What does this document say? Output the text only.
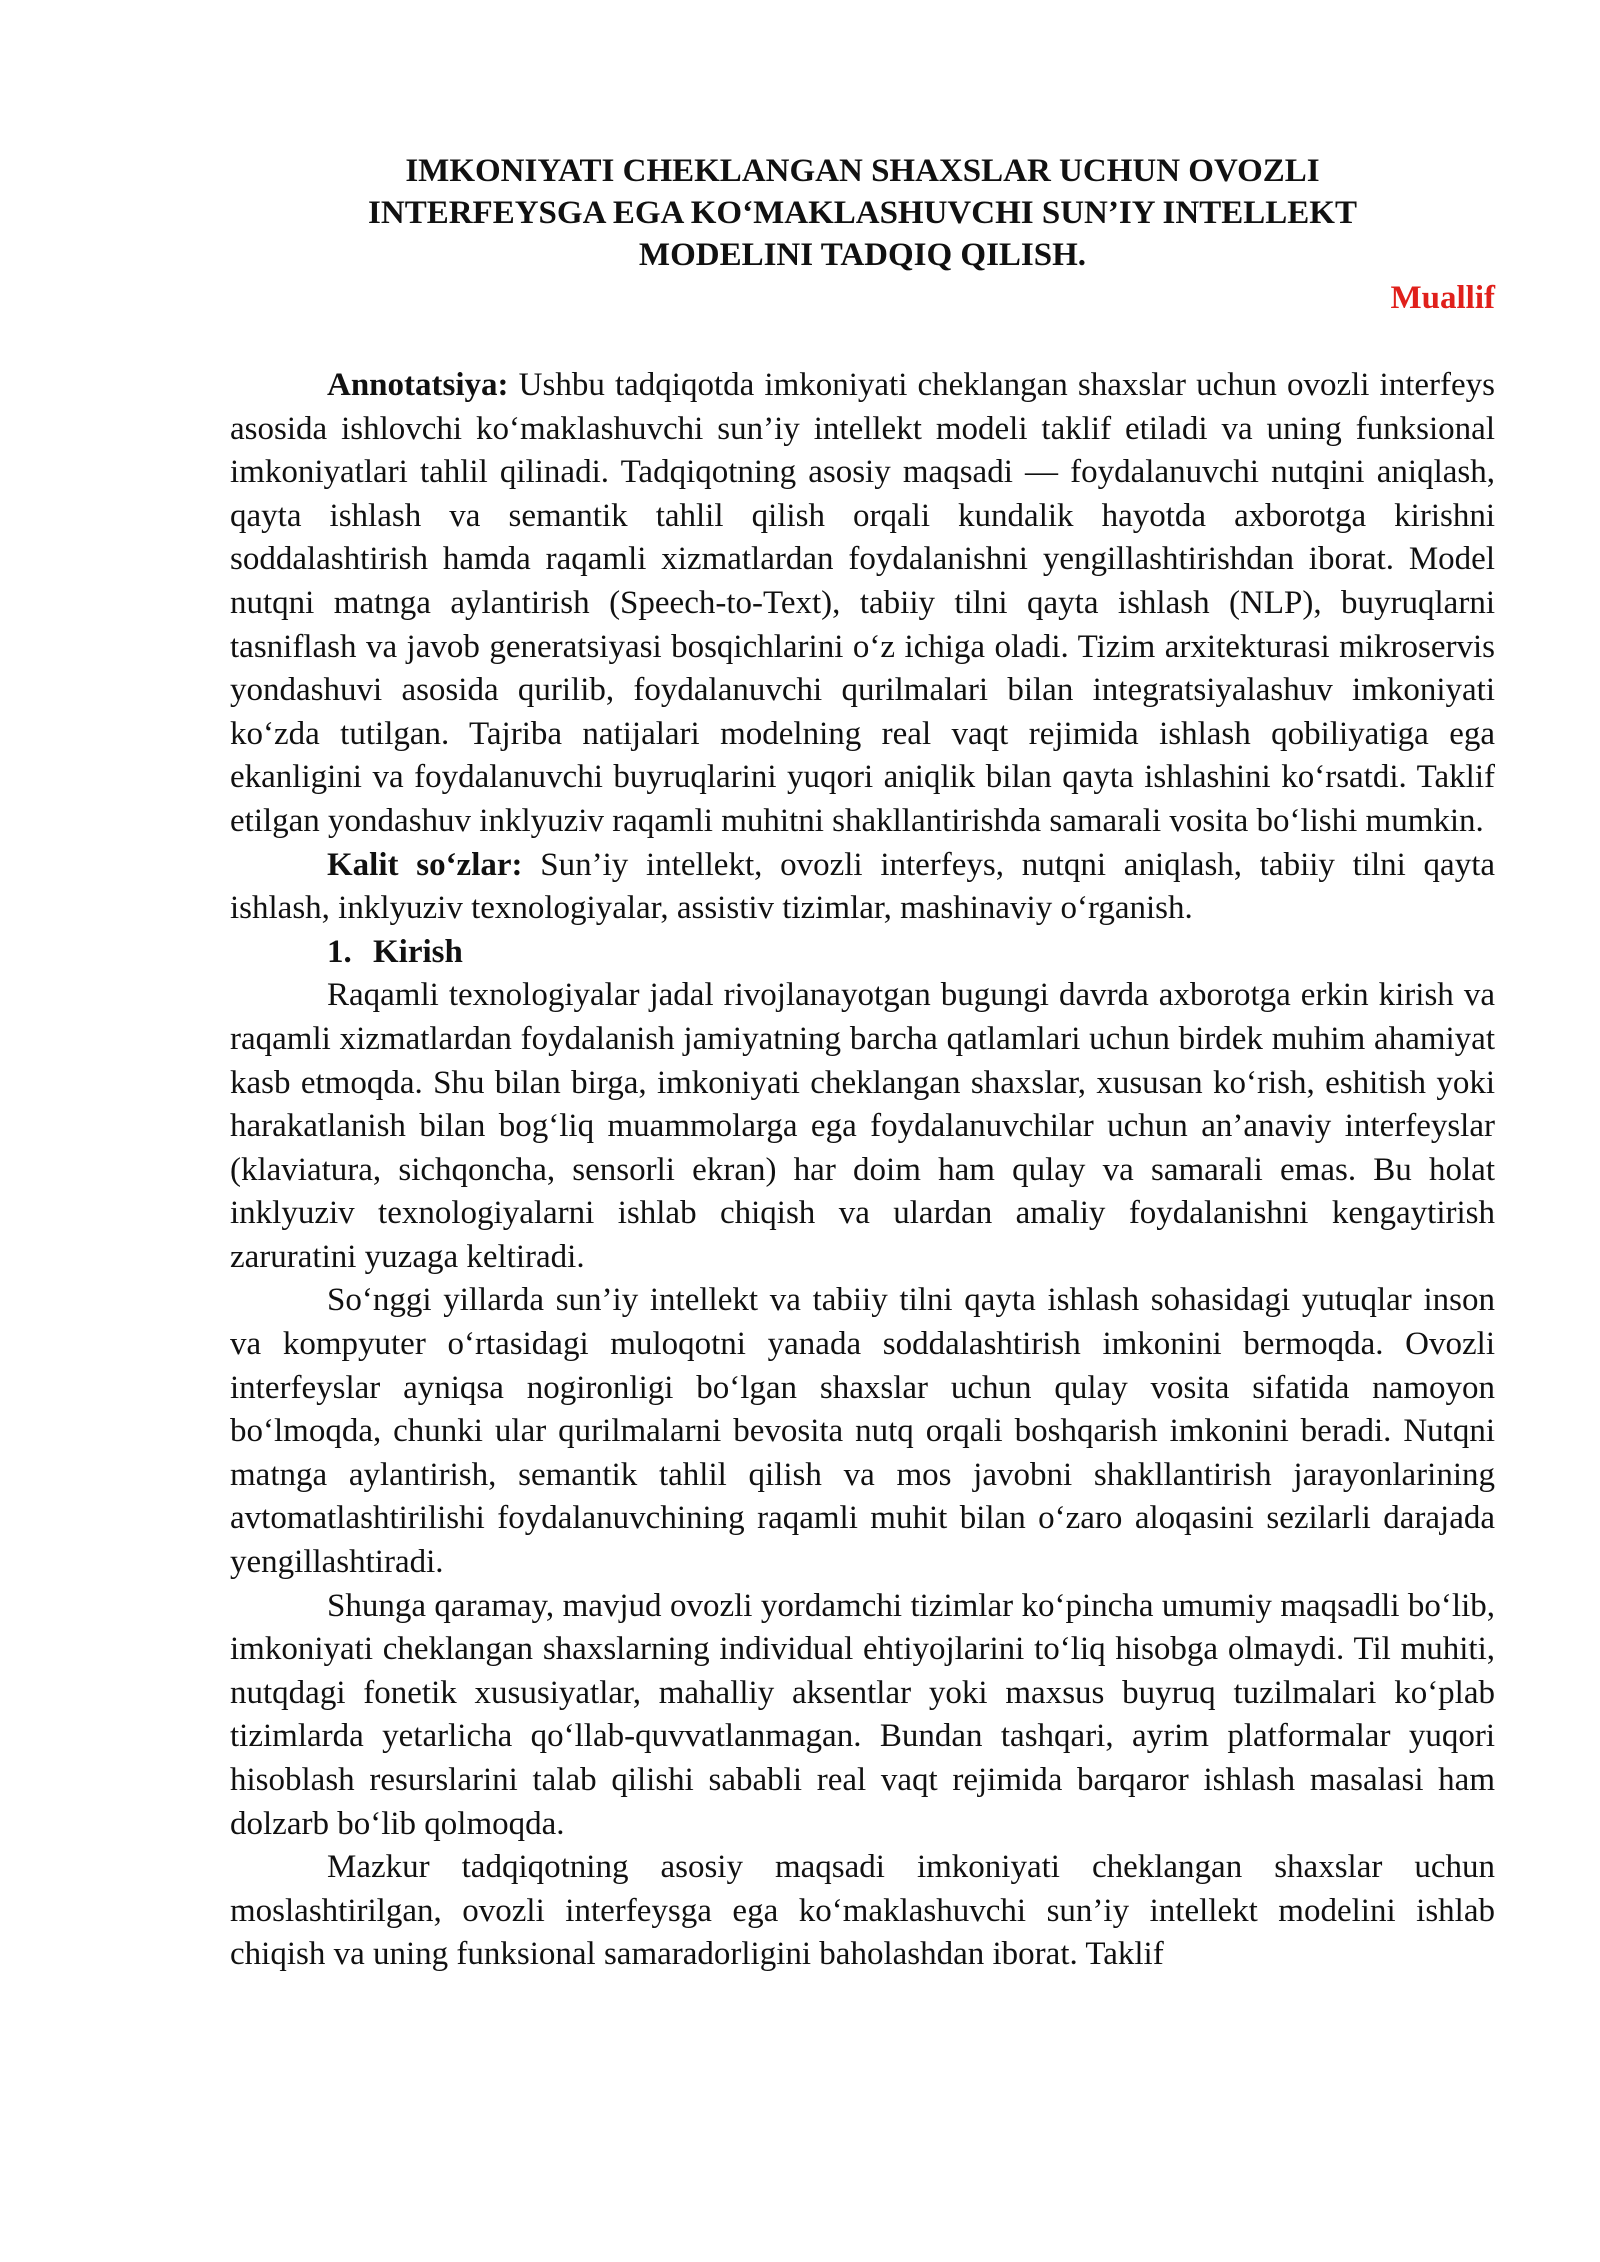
IMKONIYATI CHEKLANGAN SHAXSLAR UCHUN OVOZLI
INTERFEYSGA EGA KO‘MAKLASHUVCHI SUN’IY INTELLEKT
MODELINI TADQIQ QILISH.

Muallif

Annotatsiya: Ushbu tadqiqotda imkoniyati cheklangan shaxslar uchun ovozli interfeys asosida ishlovchi ko‘maklashuvchi sun’iy intellekt modeli taklif etiladi va uning funksional imkoniyatlari tahlil qilinadi. Tadqiqotning asosiy maqsadi — foydalanuvchi nutqini aniqlash, qayta ishlash va semantik tahlil qilish orqali kundalik hayotda axborotga kirishni soddalashtirish hamda raqamli xizmatlardan foydalanishni yengillashtirishdan iborat. Model nutqni matnga aylantirish (Speech-to-Text), tabiiy tilni qayta ishlash (NLP), buyruqlarni tasniflash va javob generatsiyasi bosqichlarini o‘z ichiga oladi. Tizim arxitekturasi mikroservis yondashuvi asosida qurilib, foydalanuvchi qurilmalari bilan integratsiyalashuv imkoniyati ko‘zda tutilgan. Tajriba natijalari modelning real vaqt rejimida ishlash qobiliyatiga ega ekanligini va foydalanuvchi buyruqlarini yuqori aniqlik bilan qayta ishlashini ko‘rsatdi. Taklif etilgan yondashuv inklyuziv raqamli muhitni shakllantirishda samarali vosita bo‘lishi mumkin.

Kalit so‘zlar: Sun’iy intellekt, ovozli interfeys, nutqni aniqlash, tabiiy tilni qayta ishlash, inklyuziv texnologiyalar, assistiv tizimlar, mashinaviy o‘rganish.

1. Kirish

Raqamli texnologiyalar jadal rivojlanayotgan bugungi davrda axborotga erkin kirish va raqamli xizmatlardan foydalanish jamiyatning barcha qatlamlari uchun birdek muhim ahamiyat kasb etmoqda. Shu bilan birga, imkoniyati cheklangan shaxslar, xususan ko‘rish, eshitish yoki harakatlanish bilan bog‘liq muammolarga ega foydalanuvchilar uchun an’anaviy interfeyslar (klaviatura, sichqoncha, sensorli ekran) har doim ham qulay va samarali emas. Bu holat inklyuziv texnologiyalarni ishlab chiqish va ulardan amaliy foydalanishni kengaytirish zaruratini yuzaga keltiradi.

So‘nggi yillarda sun’iy intellekt va tabiiy tilni qayta ishlash sohasidagi yutuqlar inson va kompyuter o‘rtasidagi muloqotni yanada soddalashtirish imkonini bermoqda. Ovozli interfeyslar ayniqsa nogironligi bo‘lgan shaxslar uchun qulay vosita sifatida namoyon bo‘lmoqda, chunki ular qurilmalarni bevosita nutq orqali boshqarish imkonini beradi. Nutqni matnga aylantirish, semantik tahlil qilish va mos javobni shakllantirish jarayonlarining avtomatlashtirilishi foydalanuvchining raqamli muhit bilan o‘zaro aloqasini sezilarli darajada yengillashtiradi.

Shunga qaramay, mavjud ovozli yordamchi tizimlar ko‘pincha umumiy maqsadli bo‘lib, imkoniyati cheklangan shaxslarning individual ehtiyojlarini to‘liq hisobga olmaydi. Til muhiti, nutqdagi fonetik xususiyatlar, mahalliy aksentlar yoki maxsus buyruq tuzilmalari ko‘plab tizimlarda yetarlicha qo‘llab-quvvatlanmagan. Bundan tashqari, ayrim platformalar yuqori hisoblash resurslarini talab qilishi sababli real vaqt rejimida barqaror ishlash masalasi ham dolzarb bo‘lib qolmoqda.

Mazkur tadqiqotning asosiy maqsadi imkoniyati cheklangan shaxslar uchun moslashtirilgan, ovozli interfeysga ega ko‘maklashuvchi sun’iy intellekt modelini ishlab chiqish va uning funksional samaradorligini baholashdan iborat. Taklif
